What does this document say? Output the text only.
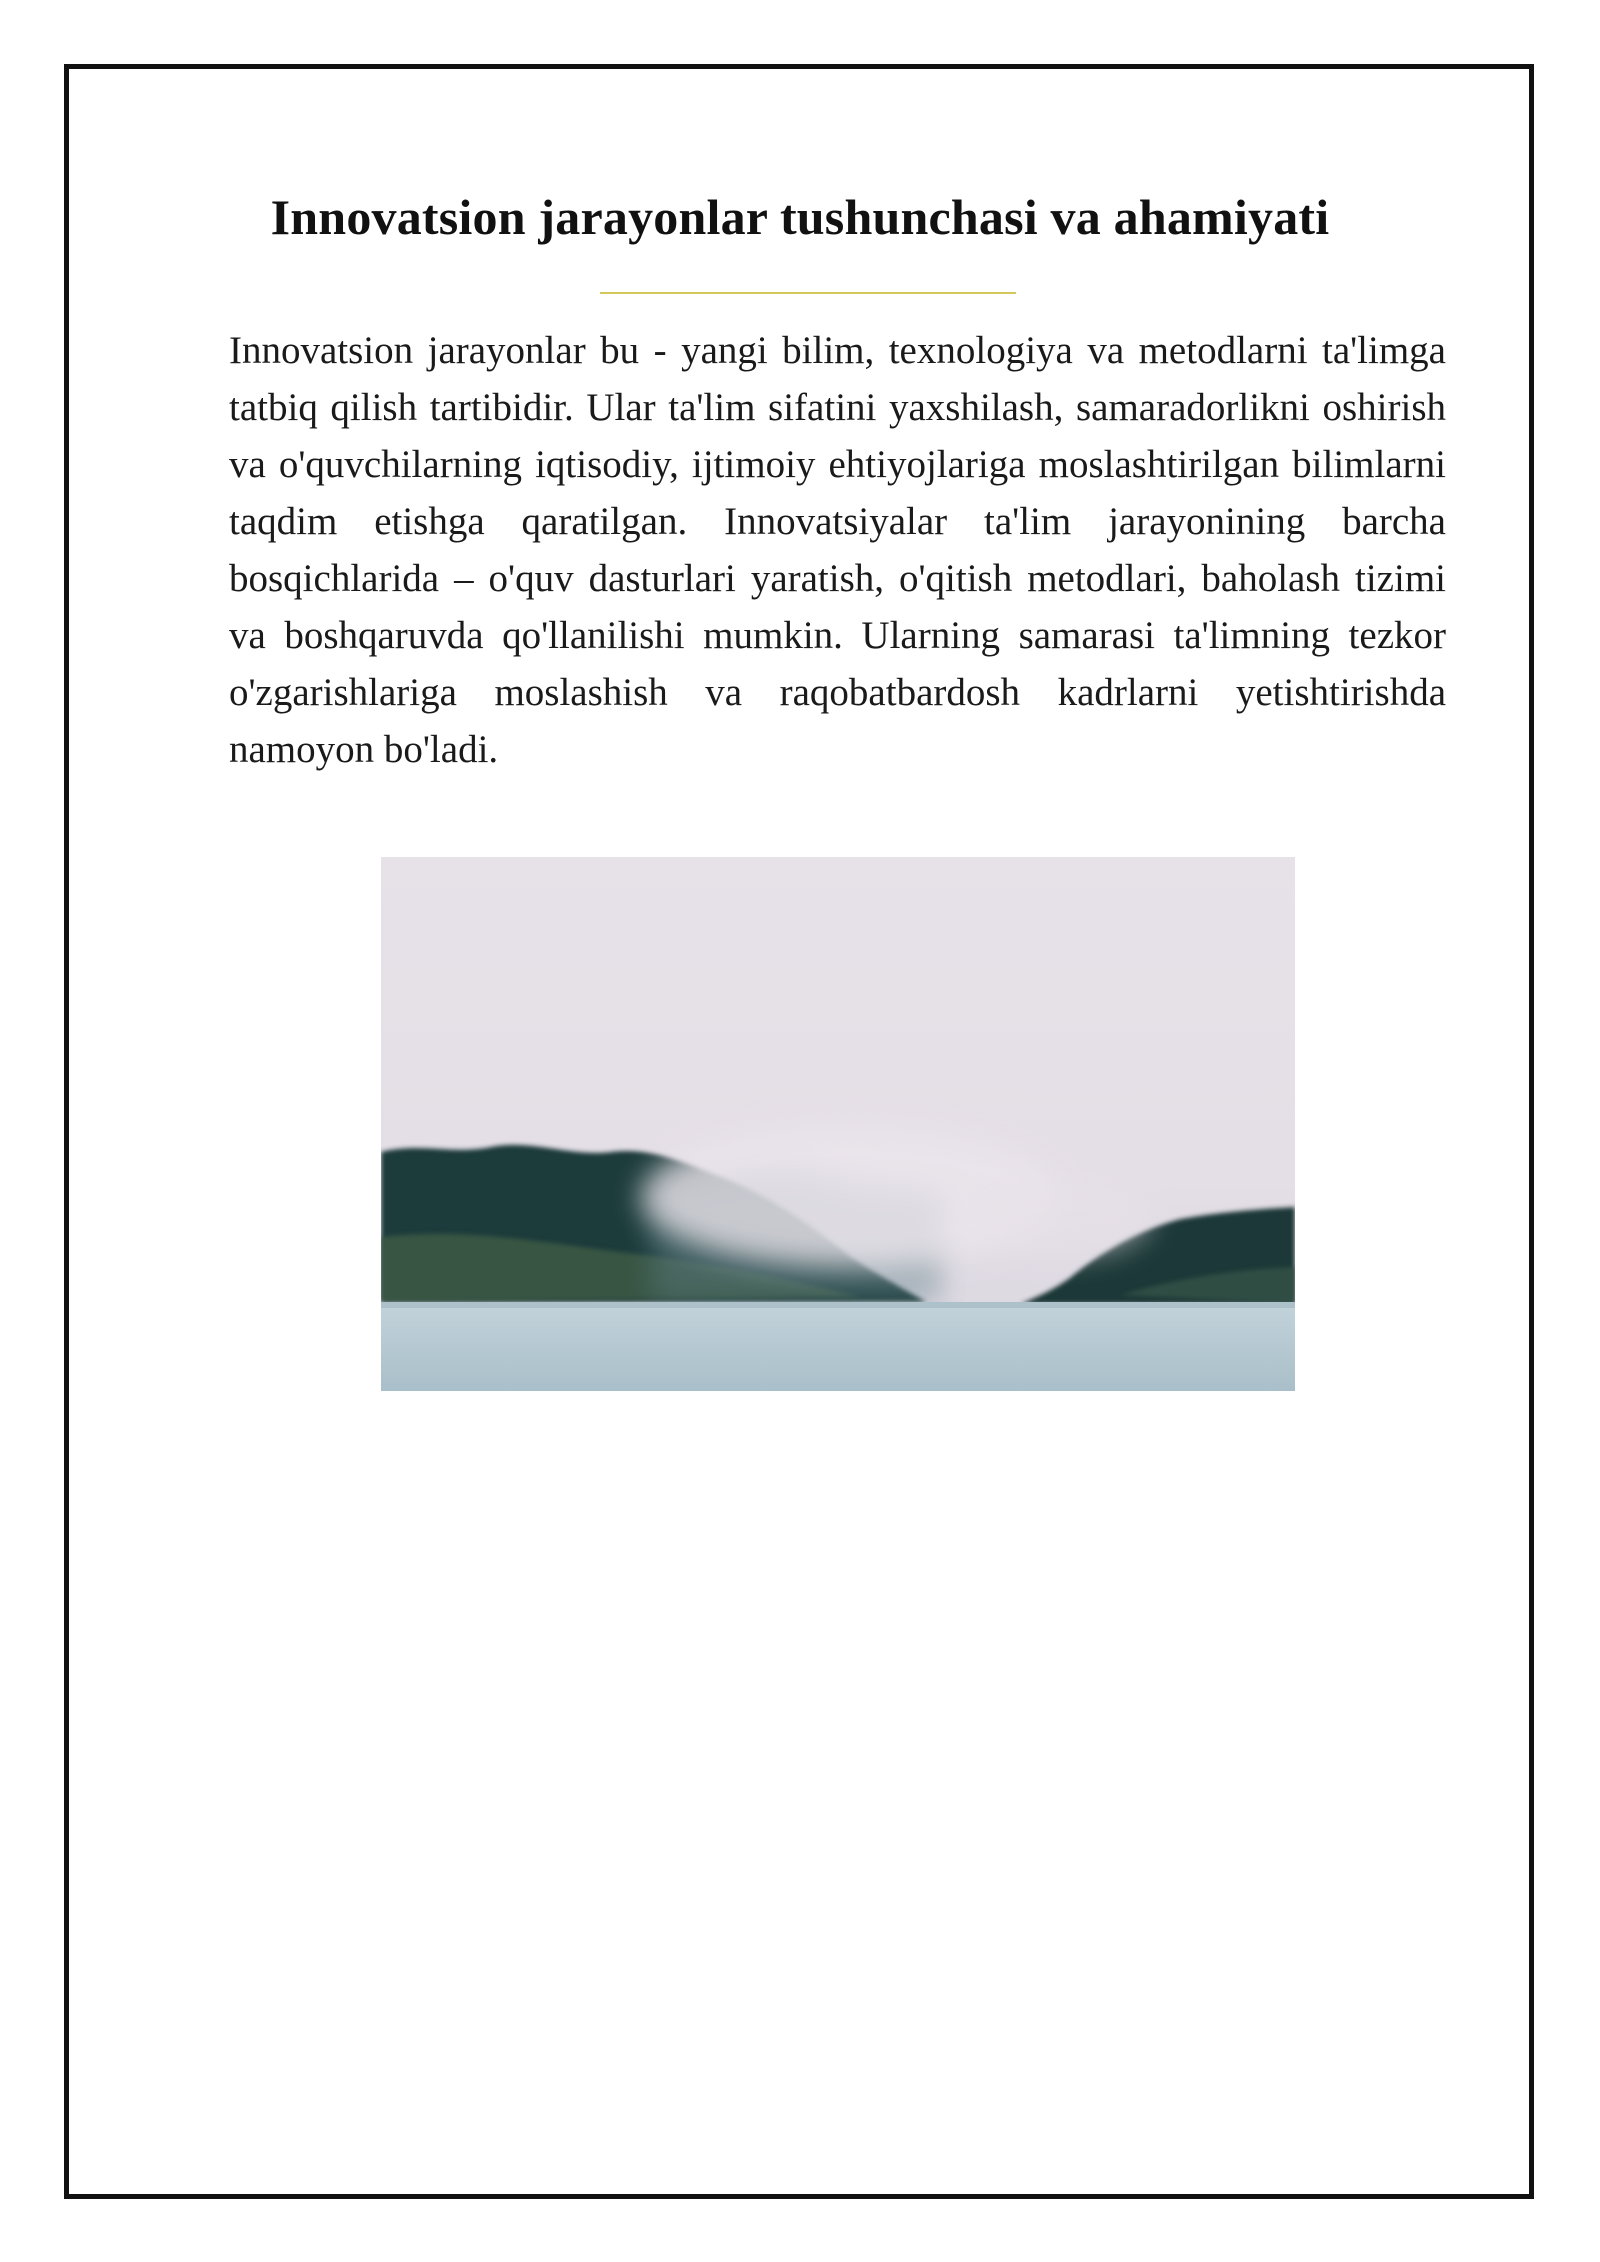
Innovatsion jarayonlar tushunchasi va ahamiyati

Innovatsion jarayonlar bu - yangi bilim, texnologiya va metodlarni ta'limga tatbiq qilish tartibidir. Ular ta'lim sifatini yaxshilash, samaradorlikni oshirish va o'quvchilarning iqtisodiy, ijtimoiy ehtiyojlariga moslashtirilgan bilimlarni taqdim etishga qaratilgan. Innovatsiyalar ta'lim jarayonining barcha bosqichlarida – o'quv dasturlari yaratish, o'qitish metodlari, baholash tizimi va boshqaruvda qo'llanilishi mumkin. Ularning samarasi ta'limning tezkor o'zgarishlariga moslashish va raqobatbardosh kadrlarni yetishtirishda namoyon bo'ladi.
